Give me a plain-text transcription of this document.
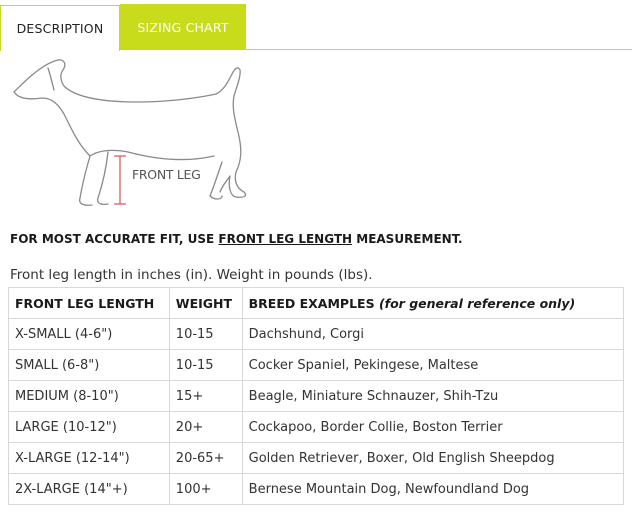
DESCRIPTION	SIZING CHART
FRONT LEG
FOR MOST ACCURATE FIT, USE FRONT LEG LENGTH MEASUREMENT.
Front leg length in inches (in). Weight in pounds (lbs).
FRONT LEG LENGTH	WEIGHT	BREED EXAMPLES (for general reference only)
X-SMALL (4-6")	10-15	Dachshund, Corgi
SMALL (6-8")	10-15	Cocker Spaniel, Pekingese, Maltese
MEDIUM (8-10")	15+	Beagle, Miniature Schnauzer, Shih-Tzu
LARGE (10-12")	20+	Cockapoo, Border Collie, Boston Terrier
X-LARGE (12-14")	20-65+	Golden Retriever, Boxer, Old English Sheepdog
2X-LARGE (14"+)	100+	Bernese Mountain Dog, Newfoundland Dog
